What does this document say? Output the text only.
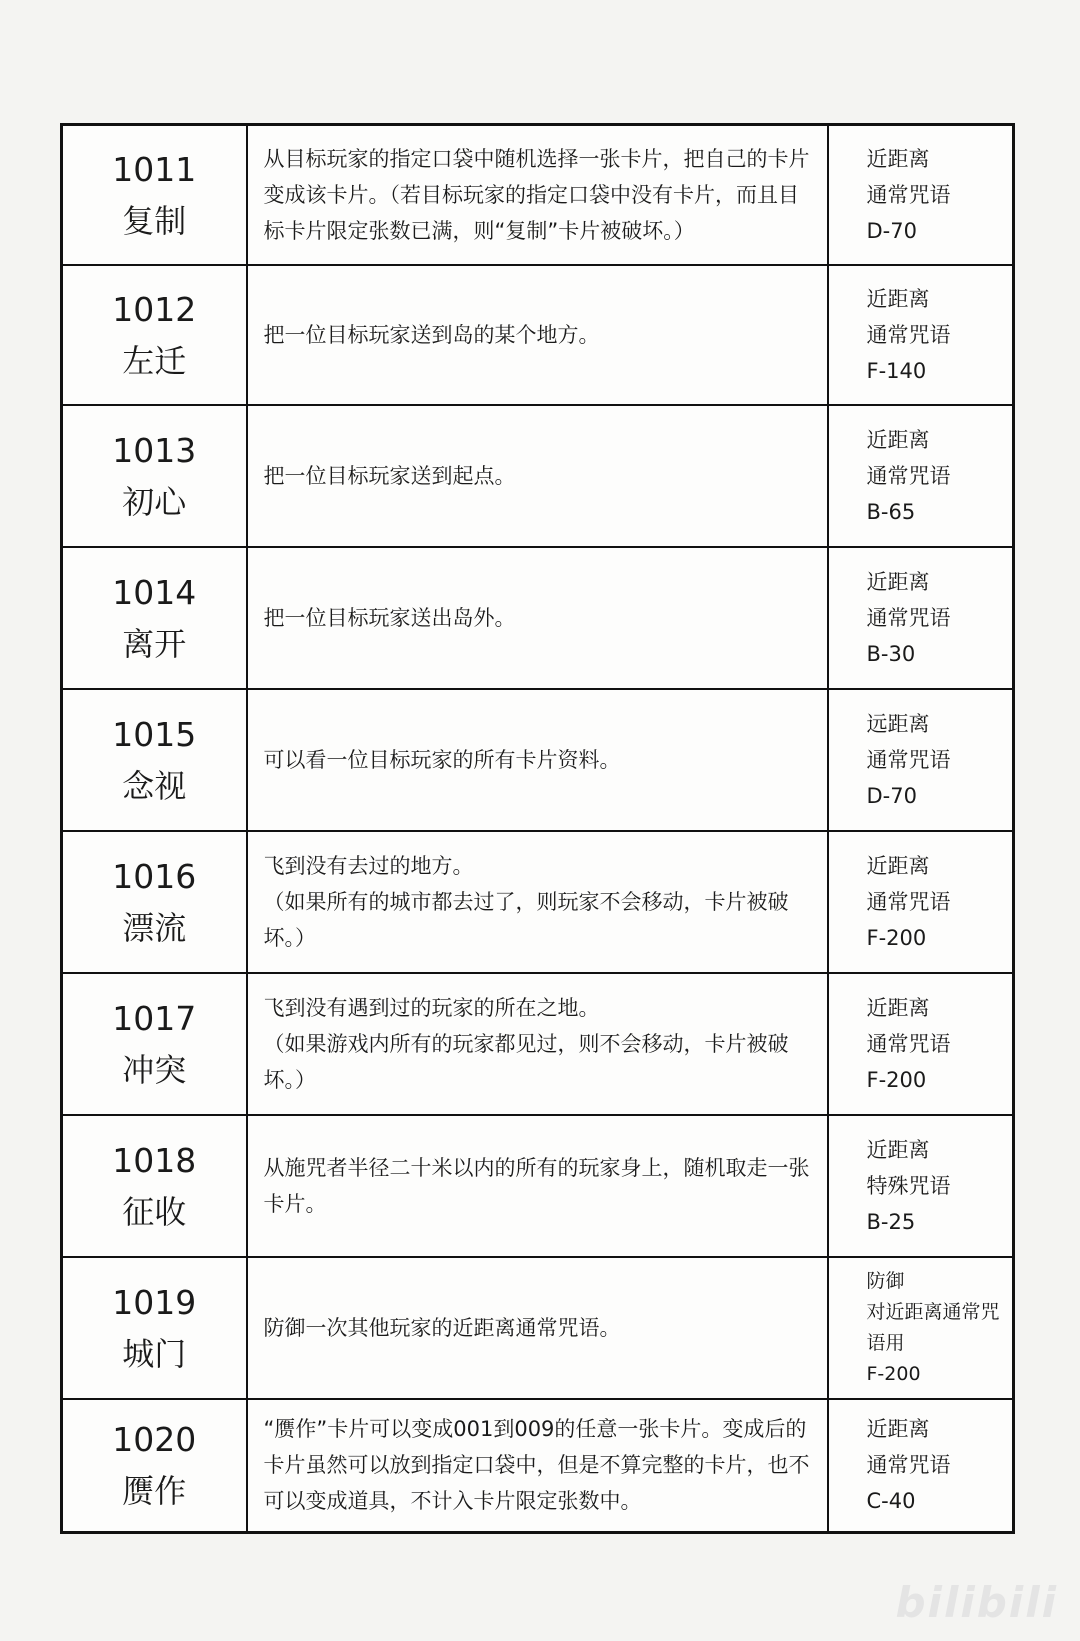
1011
复制	从目标玩家的指定口袋中随机选择一张卡片，把自己的卡片变成该卡片。（若目标玩家的指定口袋中没有卡片，而且目标卡片限定张数已满，则“复制”卡片被破坏。）	近距离
通常咒语
D-70

1012
左迁	把一位目标玩家送到岛的某个地方。	近距离
通常咒语
F-140

1013
初心	把一位目标玩家送到起点。	近距离
通常咒语
B-65

1014
离开	把一位目标玩家送出岛外。	近距离
通常咒语
B-30

1015
念视	可以看一位目标玩家的所有卡片资料。	远距离
通常咒语
D-70

1016
漂流	飞到没有去过的地方。
（如果所有的城市都去过了，则玩家不会移动，卡片被破坏。）	近距离
通常咒语
F-200

1017
冲突	飞到没有遇到过的玩家的所在之地。
（如果游戏内所有的玩家都见过，则不会移动，卡片被破坏。）	近距离
通常咒语
F-200

1018
征收	从施咒者半径二十米以内的所有的玩家身上，随机取走一张卡片。	近距离
特殊咒语
B-25

1019
城门	防御一次其他玩家的近距离通常咒语。	防御
对近距离通常咒语用
F-200

1020
赝作	“赝作”卡片可以变成001到009的任意一张卡片。变成后的卡片虽然可以放到指定口袋中，但是不算完整的卡片，也不可以变成道具，不计入卡片限定张数中。	近距离
通常咒语
C-40
bilibili
